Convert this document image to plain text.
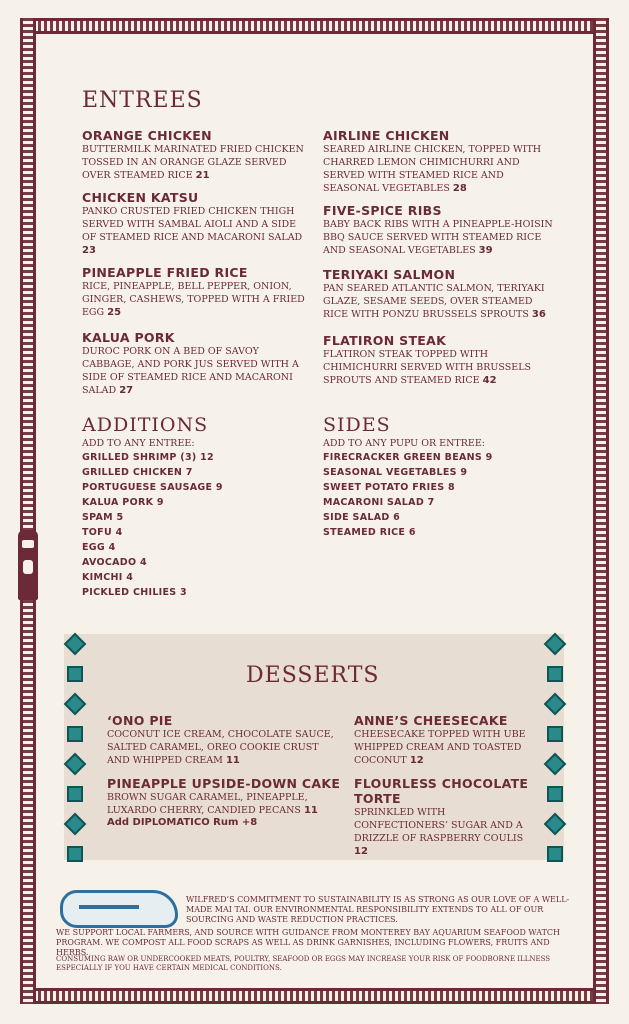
ENTREES
ORANGE CHICKEN
BUTTERMILK MARINATED FRIED CHICKEN TOSSED IN AN ORANGE GLAZE SERVED OVER STEAMED RICE 21
CHICKEN KATSU
PANKO CRUSTED FRIED CHICKEN THIGH SERVED WITH SAMBAL AIOLI AND A SIDE OF STEAMED RICE AND MACARONI SALAD 23
PINEAPPLE FRIED RICE
RICE, PINEAPPLE, BELL PEPPER, ONION, GINGER, CASHEWS, TOPPED WITH A FRIED EGG 25
KALUA PORK
DUROC PORK ON A BED OF SAVOY CABBAGE, AND PORK JUS SERVED WITH A SIDE OF STEAMED RICE AND MACARONI SALAD 27
AIRLINE CHICKEN
SEARED AIRLINE CHICKEN, TOPPED WITH CHARRED LEMON CHIMICHURRI AND SERVED WITH STEAMED RICE AND SEASONAL VEGETABLES 28
FIVE-SPICE RIBS
BABY BACK RIBS WITH A PINEAPPLE-HOISIN BBQ SAUCE SERVED WITH STEAMED RICE AND SEASONAL VEGETABLES 39
TERIYAKI SALMON
PAN SEARED ATLANTIC SALMON, TERIYAKI GLAZE, SESAME SEEDS, OVER STEAMED RICE WITH PONZU BRUSSELS SPROUTS 36
FLATIRON STEAK
FLATIRON STEAK TOPPED WITH CHIMICHURRI SERVED WITH BRUSSELS SPROUTS AND STEAMED RICE 42
ADDITIONS
ADD TO ANY ENTREE:
GRILLED SHRIMP (3) 12
GRILLED CHICKEN 7
PORTUGUESE SAUSAGE 9
KALUA PORK 9
SPAM 5
TOFU 4
EGG 4
AVOCADO 4
KIMCHI 4
PICKLED CHILIES 3
SIDES
ADD TO ANY PUPU OR ENTREE:
FIRECRACKER GREEN BEANS 9
SEASONAL VEGETABLES 9
SWEET POTATO FRIES 8
MACARONI SALAD 7
SIDE SALAD 6
STEAMED RICE 6
DESSERTS
‘ONO PIE
COCONUT ICE CREAM, CHOCOLATE SAUCE, SALTED CARAMEL, OREO COOKIE CRUST AND WHIPPED CREAM 11
PINEAPPLE UPSIDE-DOWN CAKE
BROWN SUGAR CARAMEL, PINEAPPLE, LUXARDO CHERRY, CANDIED PECANS 11
Add DIPLOMATICO Rum +8
ANNE’S CHEESECAKE
CHEESECAKE TOPPED WITH UBE WHIPPED CREAM AND TOASTED COCONUT 12
FLOURLESS CHOCOLATE TORTE
SPRINKLED WITH CONFECTIONERS’ SUGAR AND A DRIZZLE OF RASPBERRY COULIS 12
WILFRED’S COMMITMENT TO SUSTAINABILITY IS AS STRONG AS OUR LOVE OF A WELL-MADE MAI TAI. OUR ENVIRONMENTAL RESPONSIBILITY EXTENDS TO ALL OF OUR SOURCING AND WASTE REDUCTION PRACTICES.
WE SUPPORT LOCAL FARMERS, AND SOURCE WITH GUIDANCE FROM MONTEREY BAY AQUARIUM SEAFOOD WATCH PROGRAM. WE COMPOST ALL FOOD SCRAPS AS WELL AS DRINK GARNISHES, INCLUDING FLOWERS, FRUITS AND HERBS.
CONSUMING RAW OR UNDERCOOKED MEATS, POULTRY, SEAFOOD OR EGGS MAY INCREASE YOUR RISK OF FOODBORNE ILLNESS ESPECIALLY IF YOU HAVE CERTAIN MEDICAL CONDITIONS.
